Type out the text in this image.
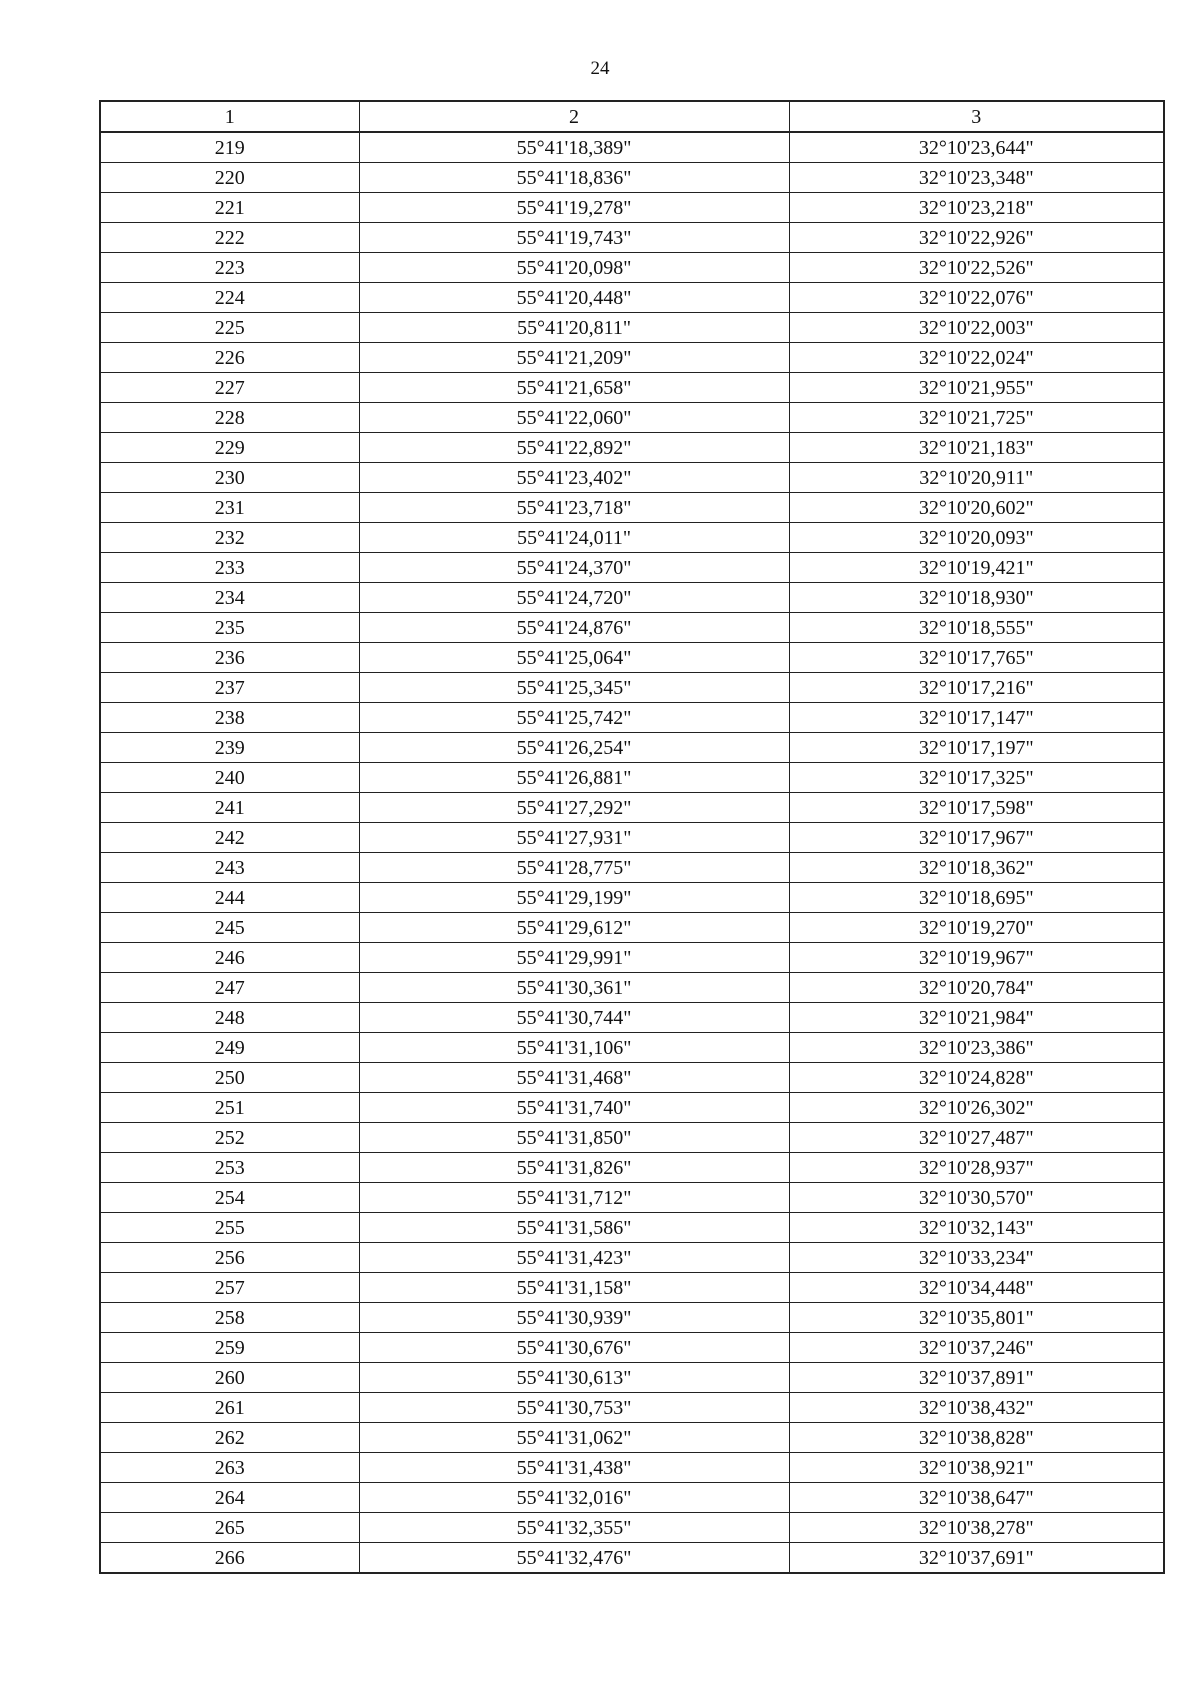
24
1	2	3
219	55°41'18,389"	32°10'23,644"
220	55°41'18,836"	32°10'23,348"
221	55°41'19,278"	32°10'23,218"
222	55°41'19,743"	32°10'22,926"
223	55°41'20,098"	32°10'22,526"
224	55°41'20,448"	32°10'22,076"
225	55°41'20,811"	32°10'22,003"
226	55°41'21,209"	32°10'22,024"
227	55°41'21,658"	32°10'21,955"
228	55°41'22,060"	32°10'21,725"
229	55°41'22,892"	32°10'21,183"
230	55°41'23,402"	32°10'20,911"
231	55°41'23,718"	32°10'20,602"
232	55°41'24,011"	32°10'20,093"
233	55°41'24,370"	32°10'19,421"
234	55°41'24,720"	32°10'18,930"
235	55°41'24,876"	32°10'18,555"
236	55°41'25,064"	32°10'17,765"
237	55°41'25,345"	32°10'17,216"
238	55°41'25,742"	32°10'17,147"
239	55°41'26,254"	32°10'17,197"
240	55°41'26,881"	32°10'17,325"
241	55°41'27,292"	32°10'17,598"
242	55°41'27,931"	32°10'17,967"
243	55°41'28,775"	32°10'18,362"
244	55°41'29,199"	32°10'18,695"
245	55°41'29,612"	32°10'19,270"
246	55°41'29,991"	32°10'19,967"
247	55°41'30,361"	32°10'20,784"
248	55°41'30,744"	32°10'21,984"
249	55°41'31,106"	32°10'23,386"
250	55°41'31,468"	32°10'24,828"
251	55°41'31,740"	32°10'26,302"
252	55°41'31,850"	32°10'27,487"
253	55°41'31,826"	32°10'28,937"
254	55°41'31,712"	32°10'30,570"
255	55°41'31,586"	32°10'32,143"
256	55°41'31,423"	32°10'33,234"
257	55°41'31,158"	32°10'34,448"
258	55°41'30,939"	32°10'35,801"
259	55°41'30,676"	32°10'37,246"
260	55°41'30,613"	32°10'37,891"
261	55°41'30,753"	32°10'38,432"
262	55°41'31,062"	32°10'38,828"
263	55°41'31,438"	32°10'38,921"
264	55°41'32,016"	32°10'38,647"
265	55°41'32,355"	32°10'38,278"
266	55°41'32,476"	32°10'37,691"
